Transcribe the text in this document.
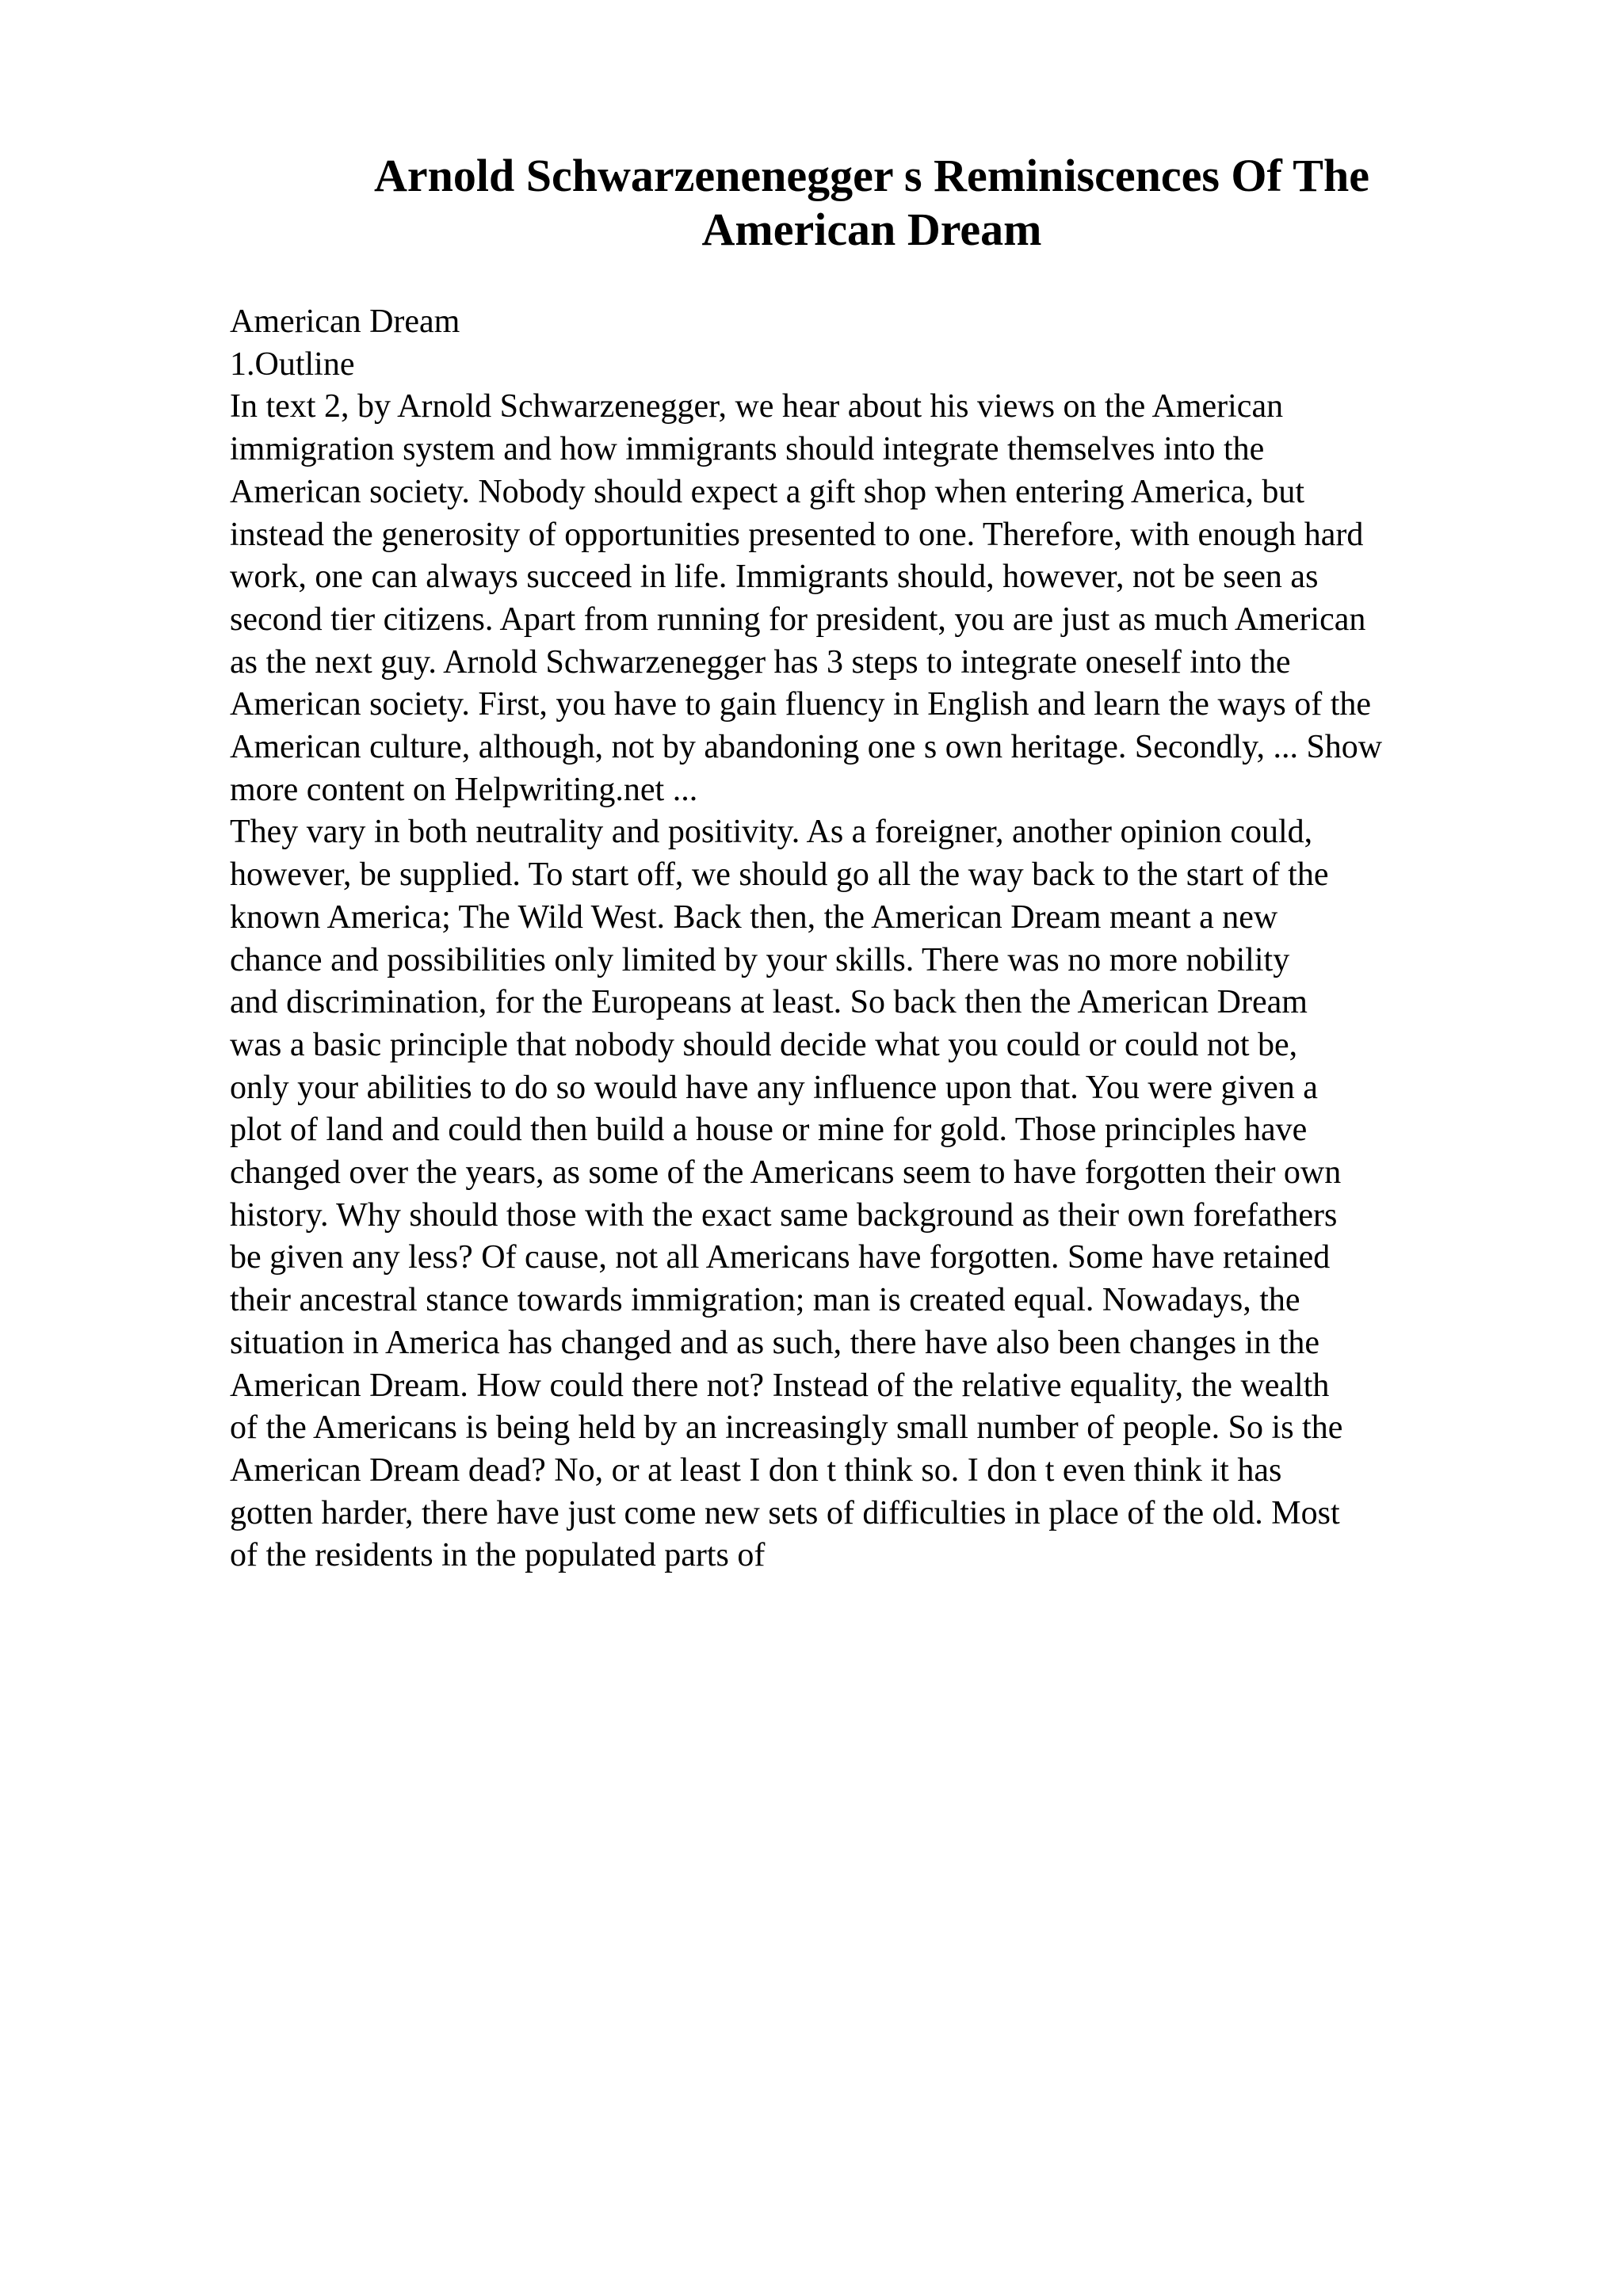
Arnold Schwarzenenegger s Reminiscences Of The
American Dream
American Dream
1.Outline
In text 2, by Arnold Schwarzenegger, we hear about his views on the American
immigration system and how immigrants should integrate themselves into the
American society. Nobody should expect a gift shop when entering America, but
instead the generosity of opportunities presented to one. Therefore, with enough hard
work, one can always succeed in life. Immigrants should, however, not be seen as
second tier citizens. Apart from running for president, you are just as much American
as the next guy. Arnold Schwarzenegger has 3 steps to integrate oneself into the
American society. First, you have to gain fluency in English and learn the ways of the
American culture, although, not by abandoning one s own heritage. Secondly, ... Show
more content on Helpwriting.net ...
They vary in both neutrality and positivity. As a foreigner, another opinion could,
however, be supplied. To start off, we should go all the way back to the start of the
known America; The Wild West. Back then, the American Dream meant a new
chance and possibilities only limited by your skills. There was no more nobility
and discrimination, for the Europeans at least. So back then the American Dream
was a basic principle that nobody should decide what you could or could not be,
only your abilities to do so would have any influence upon that. You were given a
plot of land and could then build a house or mine for gold. Those principles have
changed over the years, as some of the Americans seem to have forgotten their own
history. Why should those with the exact same background as their own forefathers
be given any less? Of cause, not all Americans have forgotten. Some have retained
their ancestral stance towards immigration; man is created equal. Nowadays, the
situation in America has changed and as such, there have also been changes in the
American Dream. How could there not? Instead of the relative equality, the wealth
of the Americans is being held by an increasingly small number of people. So is the
American Dream dead? No, or at least I don t think so. I don t even think it has
gotten harder, there have just come new sets of difficulties in place of the old. Most
of the residents in the populated parts of
